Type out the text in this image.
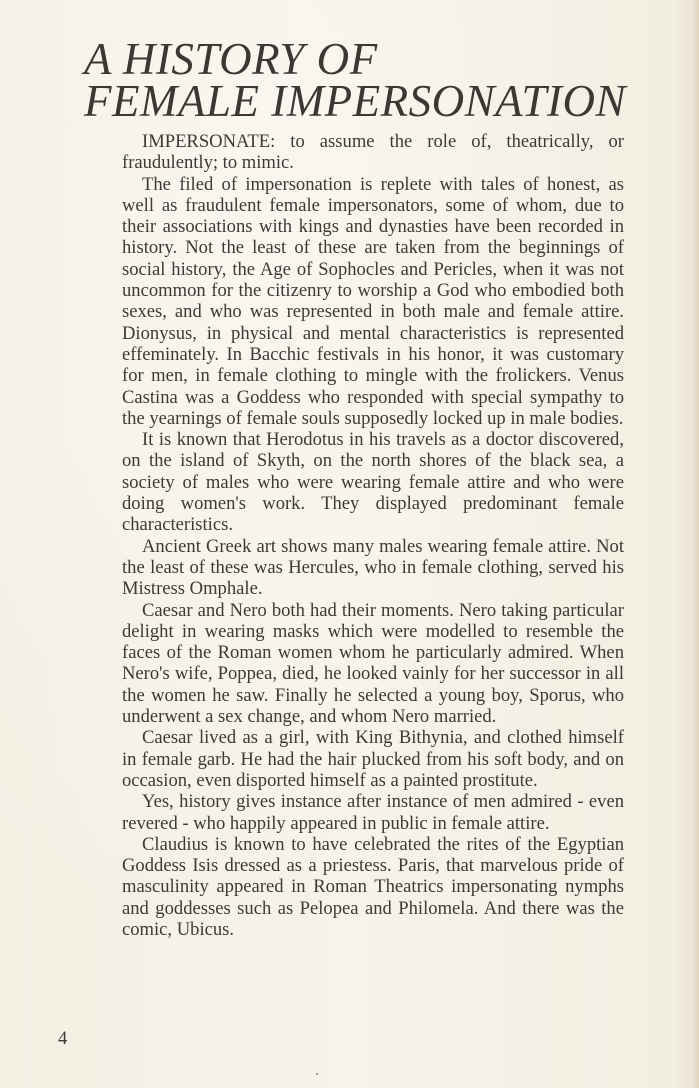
A HISTORY OF
FEMALE IMPERSONATION

IMPERSONATE: to assume the role of, theatrically, or fraudulently; to mimic.

The filed of impersonation is replete with tales of honest, as well as fraudulent female impersonators, some of whom, due to their associations with kings and dynasties have been recorded in history. Not the least of these are taken from the beginnings of social history, the Age of Sophocles and Pericles, when it was not uncommon for the citizenry to worship a God who embodied both sexes, and who was represented in both male and female attire. Dionysus, in physical and mental characteristics is represented effeminately. In Bacchic festivals in his honor, it was customary for men, in female clothing to mingle with the frolickers. Venus Castina was a Goddess who responded with special sympathy to the yearnings of female souls supposedly locked up in male bodies.

It is known that Herodotus in his travels as a doctor discovered, on the island of Skyth, on the north shores of the black sea, a society of males who were wearing female attire and who were doing women's work. They displayed predominant female characteristics.

Ancient Greek art shows many males wearing female attire. Not the least of these was Hercules, who in female clothing, served his Mistress Omphale.

Caesar and Nero both had their moments. Nero taking particular delight in wearing masks which were modelled to resemble the faces of the Roman women whom he particularly admired. When Nero's wife, Poppea, died, he looked vainly for her successor in all the women he saw. Finally he selected a young boy, Sporus, who underwent a sex change, and whom Nero married.

Caesar lived as a girl, with King Bithynia, and clothed himself in female garb. He had the hair plucked from his soft body, and on occasion, even disported himself as a painted prostitute.

Yes, history gives instance after instance of men admired - even revered - who happily appeared in public in female attire.

Claudius is known to have celebrated the rites of the Egyptian Goddess Isis dressed as a priestess. Paris, that marvelous pride of masculinity appeared in Roman Theatrics impersonating nymphs and goddesses such as Pelopea and Philomela. And there was the comic, Ubicus.

4
